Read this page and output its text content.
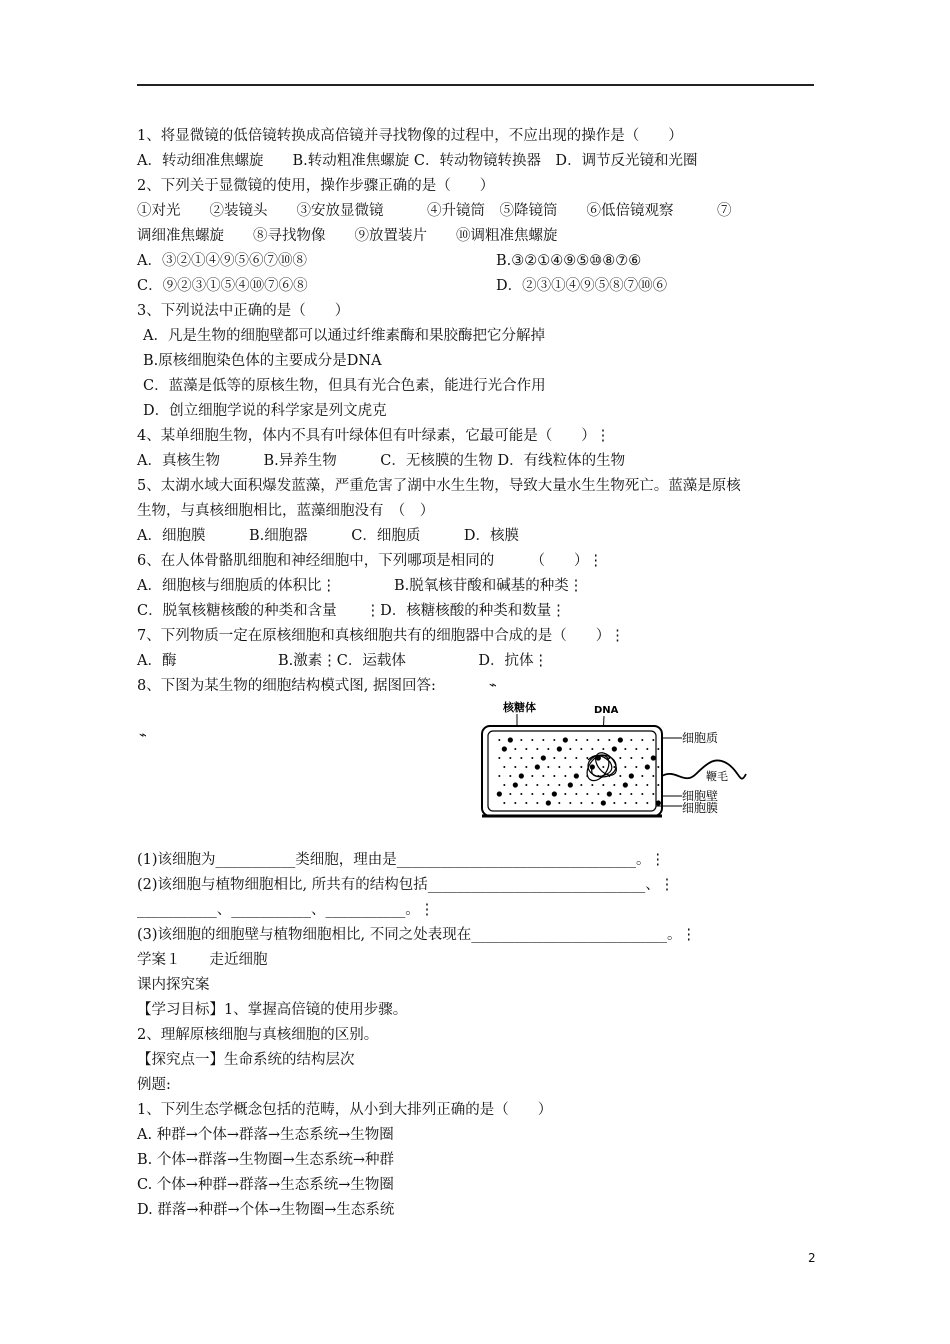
1、将显微镜的低倍镜转换成高倍镜并寻找物像的过程中，不应出现的操作是（　　）
A．转动细准焦螺旋　　B.转动粗准焦螺旋 C．转动物镜转换器　D．调节反光镜和光圈
2、下列关于显微镜的使用，操作步骤正确的是（　　）
①对光　　②装镜头　　③安放显微镜　　　④升镜筒　⑤降镜筒　　⑥低倍镜观察　　　⑦
调细准焦螺旋　　⑧寻找物像　　⑨放置装片　　⑩调粗准焦螺旋
A．③②①④⑨⑤⑥⑦⑩⑧	B.③②①④⑨⑤⑩⑧⑦⑥
C．⑨②③①⑤④⑩⑦⑥⑧	D．②③①④⑨⑤⑧⑦⑩⑥
3、下列说法中正确的是（　　）
A．凡是生物的细胞壁都可以通过纤维素酶和果胶酶把它分解掉
B.原核细胞染色体的主要成分是DNA
C．蓝藻是低等的原核生物，但具有光合色素，能进行光合作用
D．创立细胞学说的科学家是列文虎克
4、某单细胞生物，体内不具有叶绿体但有叶绿素，它最可能是（　　）⋮
A．真核生物　　　B.异养生物　　　C．无核膜的生物 D．有线粒体的生物
5、太湖水域大面积爆发蓝藻，严重危害了湖中水生生物，导致大量水生生物死亡。蓝藻是原核
生物，与真核细胞相比，蓝藻细胞没有　（　）
A．细胞膜　　　B.细胞器　　　C．细胞质　　　D．核膜
6、在人体骨骼肌细胞和神经细胞中，下列哪项是相同的　　　（　　）⋮
A．细胞核与细胞质的体积比⋮　　　　B.脱氧核苷酸和碱基的种类⋮
C．脱氧核糖核酸的种类和含量　　⋮D．核糖核酸的种类和数量⋮
7、下列物质一定在原核细胞和真核细胞共有的细胞器中合成的是（　　）⋮
A．酶　　　　　　　B.激素⋮C．运载体　　　　　D．抗体⋮
8、下图为某生物的细胞结构模式图, 据图回答:	⌁
⌁
核糖体	DNA
细胞质
鞭毛
细胞壁
细胞膜
(1)该细胞为___________类细胞，理由是_________________________________。⋮
(2)该细胞与植物细胞相比, 所共有的结构包括______________________________、⋮
___________、___________、___________。⋮
(3)该细胞的细胞壁与植物细胞相比, 不同之处表现在___________________________。⋮
学案１　　走近细胞
课内探究案
【学习目标】1、掌握高倍镜的使用步骤。
2、理解原核细胞与真核细胞的区别。
【探究点一】生命系统的结构层次
例题:
1、下列生态学概念包括的范畴，从小到大排列正确的是（　　）
A. 种群→个体→群落→生态系统→生物圈
B. 个体→群落→生物圈→生态系统→种群
C. 个体→种群→群落→生态系统→生物圈
D. 群落→种群→个体→生物圈→生态系统
2
